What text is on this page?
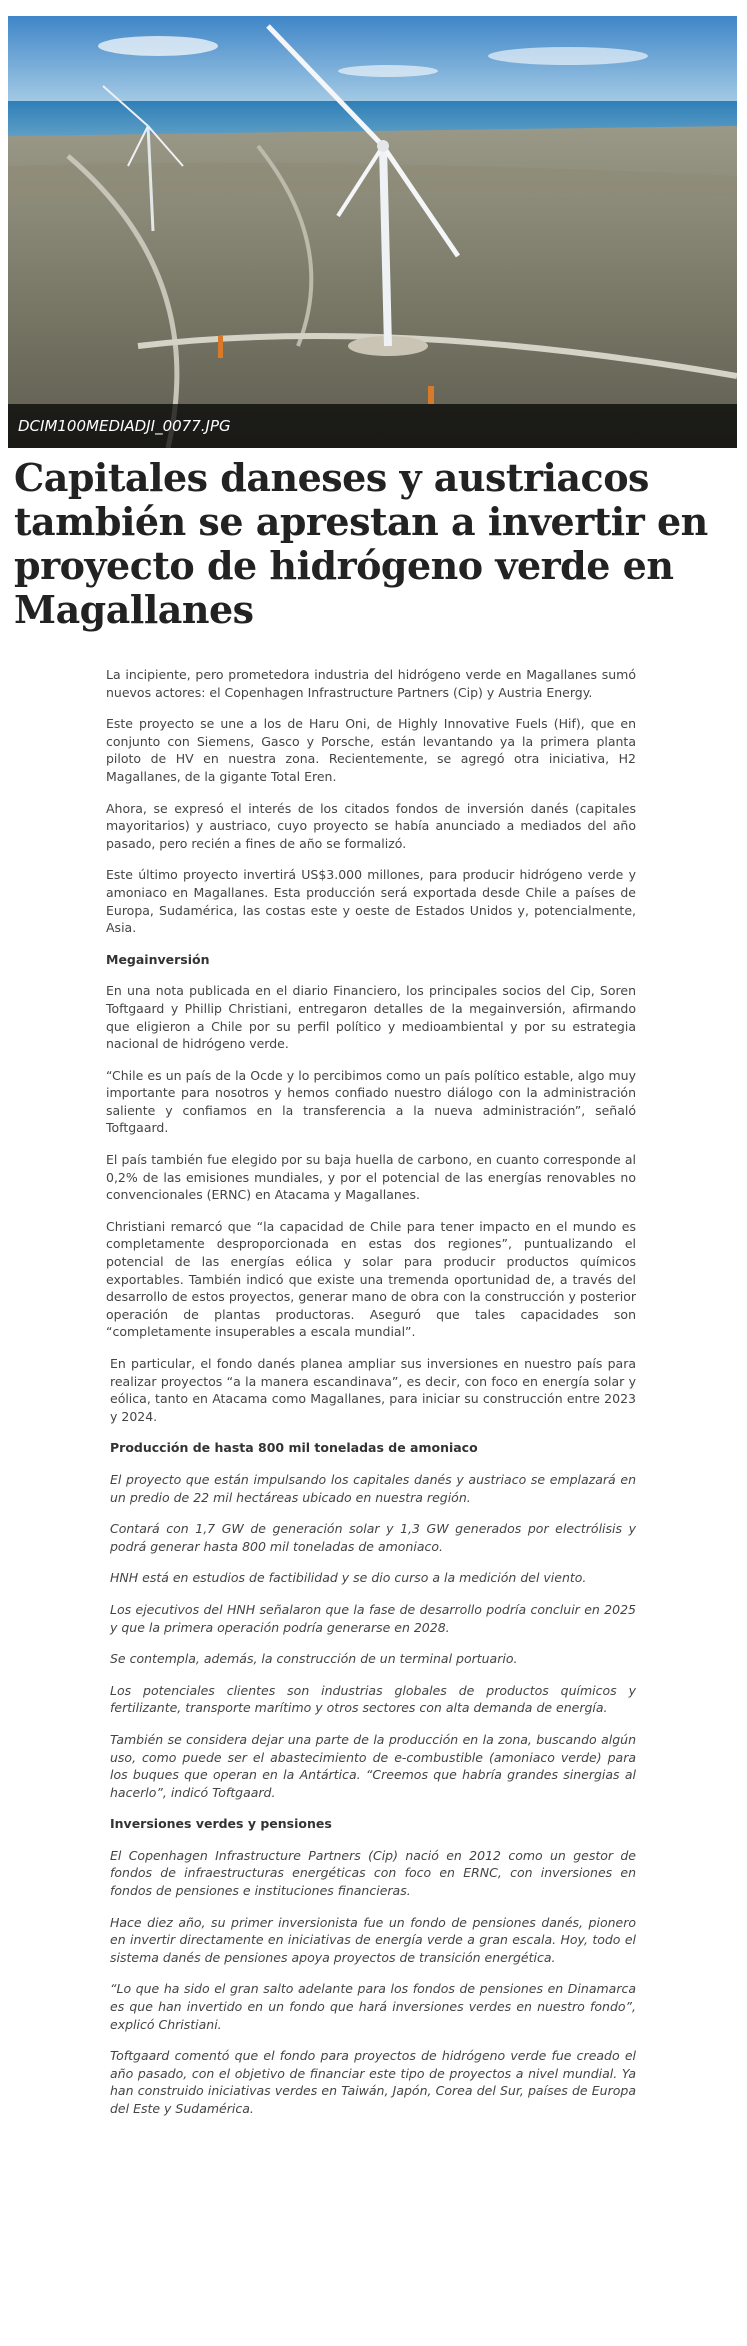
DCIM100MEDIADJI_0077.JPG
Capitales daneses y austriacos también se aprestan a invertir en proyecto de hidrógeno verde en Magallanes

La incipiente, pero prometedora industria del hidrógeno verde en Magallanes sumó nuevos actores: el Copenhagen Infrastructure Partners (Cip) y Austria Energy.

Este proyecto se une a los de Haru Oni, de Highly Innovative Fuels (Hif), que en conjunto con Siemens, Gasco y Porsche, están levantando ya la primera planta piloto de HV en nuestra zona. Recientemente, se agregó otra iniciativa, H2 Magallanes, de la gigante Total Eren.

Ahora, se expresó el interés de los citados fondos de inversión danés (capitales mayoritarios) y austriaco, cuyo proyecto se había anunciado a mediados del año pasado, pero recién a fines de año se formalizó.

Este último proyecto invertirá US$3.000 millones, para producir hidrógeno verde y amoniaco en Magallanes. Esta producción será exportada desde Chile a países de Europa, Sudamérica, las costas este y oeste de Estados Unidos y, potencialmente, Asia.

Megainversión

En una nota publicada en el diario Financiero, los principales socios del Cip, Soren Toftgaard y Phillip Christiani, entregaron detalles de la megainversión, afirmando que eligieron a Chile por su perfil político y medioambiental y por su estrategia nacional de hidrógeno verde.

“Chile es un país de la Ocde y lo percibimos como un país político estable, algo muy importante para nosotros y hemos confiado nuestro diálogo con la administración saliente y confiamos en la transferencia a la nueva administración”, señaló Toftgaard.

El país también fue elegido por su baja huella de carbono, en cuanto corresponde al 0,2% de las emisiones mundiales, y por el potencial de las energías renovables no convencionales (ERNC) en Atacama y Magallanes.

Christiani remarcó que “la capacidad de Chile para tener impacto en el mundo es completamente desproporcionada en estas dos regiones”, puntualizando el potencial de las energías eólica y solar para producir productos químicos exportables. También indicó que existe una tremenda oportunidad de, a través del desarrollo de estos proyectos, generar mano de obra con la construcción y posterior operación de plantas productoras. Aseguró que tales capacidades son “completamente insuperables a escala mundial”.

En particular, el fondo danés planea ampliar sus inversiones en nuestro país para realizar proyectos “a la manera escandinava”, es decir, con foco en energía solar y eólica, tanto en Atacama como Magallanes, para iniciar su construcción entre 2023 y 2024.

Producción de hasta 800 mil toneladas de amoniaco

El proyecto que están impulsando los capitales danés y austriaco se emplazará en un predio de 22 mil hectáreas ubicado en nuestra región.

Contará con 1,7 GW de generación solar y 1,3 GW generados por electrólisis y podrá generar hasta 800 mil toneladas de amoniaco.

HNH está en estudios de factibilidad y se dio curso a la medición del viento.

Los ejecutivos del HNH señalaron que la fase de desarrollo podría concluir en 2025 y que la primera operación podría generarse en 2028.

Se contempla, además, la construcción de un terminal portuario.

Los potenciales clientes son industrias globales de productos químicos y fertilizante, transporte marítimo y otros sectores con alta demanda de energía.

También se considera dejar una parte de la producción en la zona, buscando algún uso, como puede ser el abastecimiento de e-combustible (amoniaco verde) para los buques que operan en la Antártica. “Creemos que habría grandes sinergias al hacerlo”, indicó Toftgaard.

Inversiones verdes y pensiones

El Copenhagen Infrastructure Partners (Cip) nació en 2012 como un gestor de fondos de infraestructuras energéticas con foco en ERNC, con inversiones en fondos de pensiones e instituciones financieras.

Hace diez año, su primer inversionista fue un fondo de pensiones danés, pionero en invertir directamente en iniciativas de energía verde a gran escala. Hoy, todo el sistema danés de pensiones apoya proyectos de transición energética.

“Lo que ha sido el gran salto adelante para los fondos de pensiones en Dinamarca es que han invertido en un fondo que hará inversiones verdes en nuestro fondo”, explicó Christiani.

Toftgaard comentó que el fondo para proyectos de hidrógeno verde fue creado el año pasado, con el objetivo de financiar este tipo de proyectos a nivel mundial. Ya han construido iniciativas verdes en Taiwán, Japón, Corea del Sur, países de Europa del Este y Sudamérica.
